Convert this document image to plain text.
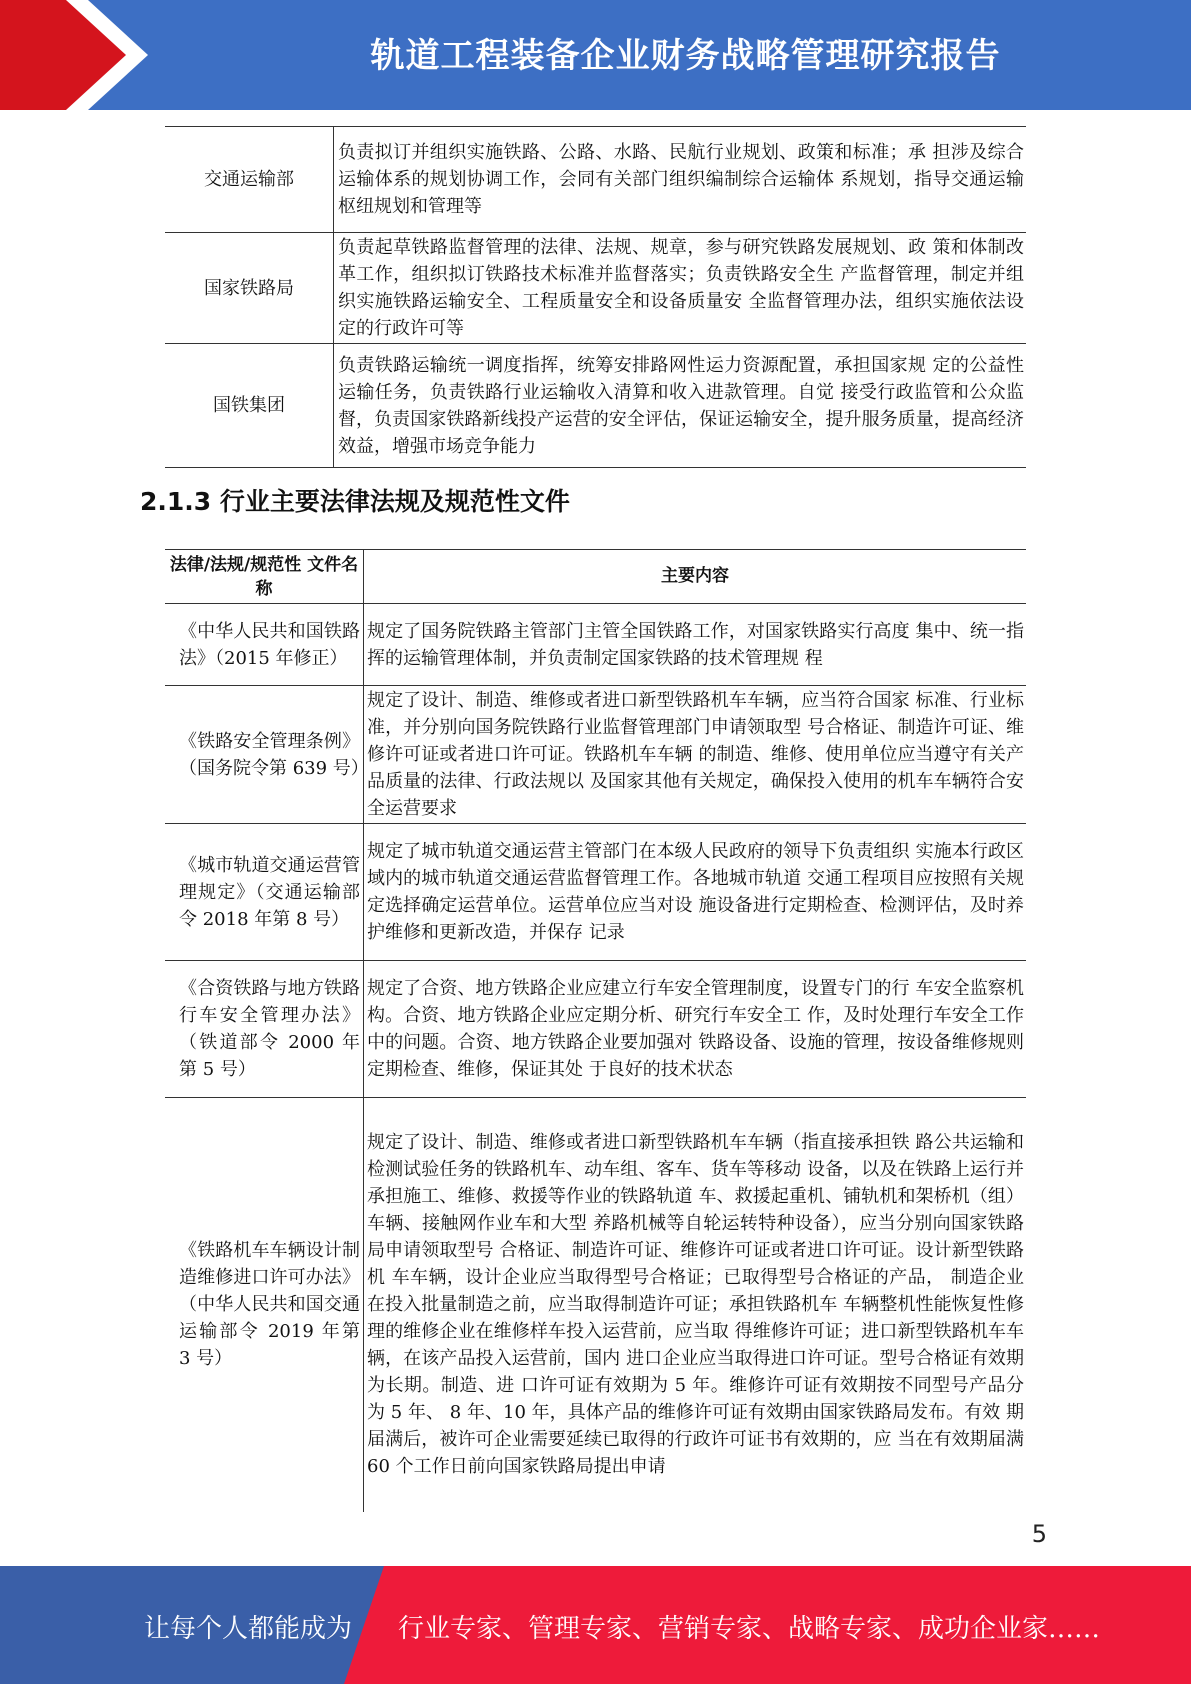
轨道工程装备企业财务战略管理研究报告
交通运输部	负责拟订并组织实施铁路、公路、水路、民航行业规划、政策和标准；承 担涉及综合运输体系的规划协调工作，会同有关部门组织编制综合运输体 系规划，指导交通运输枢纽规划和管理等
国家铁路局	负责起草铁路监督管理的法律、法规、规章，参与研究铁路发展规划、政 策和体制改革工作，组织拟订铁路技术标准并监督落实；负责铁路安全生 产监督管理，制定并组织实施铁路运输安全、工程质量安全和设备质量安 全监督管理办法，组织实施依法设定的行政许可等
国铁集团	负责铁路运输统一调度指挥，统筹安排路网性运力资源配置，承担国家规 定的公益性运输任务，负责铁路行业运输收入清算和收入进款管理。自觉 接受行政监管和公众监督，负责国家铁路新线投产运营的安全评估，保证运输安全，提升服务质量，提高经济效益，增强市场竞争能力
2.1.3 行业主要法律法规及规范性文件
法律/法规/规范性 文件名称	主要内容
《中华人民共和国铁路法》（2015 年修正）	规定了国务院铁路主管部门主管全国铁路工作，对国家铁路实行高度 集中、统一指挥的运输管理体制，并负责制定国家铁路的技术管理规 程
《铁路安全管理条例》（国务院令第 639 号）	规定了设计、制造、维修或者进口新型铁路机车车辆，应当符合国家 标准、行业标准，并分别向国务院铁路行业监督管理部门申请领取型 号合格证、制造许可证、维修许可证或者进口许可证。铁路机车车辆 的制造、维修、使用单位应当遵守有关产品质量的法律、行政法规以 及国家其他有关规定，确保投入使用的机车车辆符合安全运营要求
《城市轨道交通运营管理规定》（交通运输部令 2018 年第 8 号）	规定了城市轨道交通运营主管部门在本级人民政府的领导下负责组织 实施本行政区域内的城市轨道交通运营监督管理工作。各地城市轨道 交通工程项目应按照有关规定选择确定运营单位。运营单位应当对设 施设备进行定期检查、检测评估，及时养护维修和更新改造，并保存 记录
《合资铁路与地方铁路行车安全管理办法》（铁道部令 2000 年第 5 号）	规定了合资、地方铁路企业应建立行车安全管理制度，设置专门的行 车安全监察机构。合资、地方铁路企业应定期分析、研究行车安全工 作，及时处理行车安全工作中的问题。合资、地方铁路企业要加强对 铁路设备、设施的管理，按设备维修规则定期检查、维修，保证其处 于良好的技术状态
《铁路机车车辆设计制造维修进口许可办法》（中华人民共和国交通运输部令 2019 年第 3 号）	规定了设计、制造、维修或者进口新型铁路机车车辆（指直接承担铁 路公共运输和检测试验任务的铁路机车、动车组、客车、货车等移动 设备，以及在铁路上运行并承担施工、维修、救援等作业的铁路轨道 车、救援起重机、铺轨机和架桥机（组）车辆、接触网作业车和大型 养路机械等自轮运转特种设备），应当分别向国家铁路局申请领取型号 合格证、制造许可证、维修许可证或者进口许可证。设计新型铁路机 车车辆，设计企业应当取得型号合格证；已取得型号合格证的产品， 制造企业在投入批量制造之前，应当取得制造许可证；承担铁路机车 车辆整机性能恢复性修理的维修企业在维修样车投入运营前，应当取 得维修许可证；进口新型铁路机车车辆，在该产品投入运营前，国内 进口企业应当取得进口许可证。型号合格证有效期为长期。制造、进 口许可证有效期为 5 年。维修许可证有效期按不同型号产品分为 5 年、 8 年、10 年，具体产品的维修许可证有效期由国家铁路局发布。有效 期届满后，被许可企业需要延续已取得的行政许可证书有效期的，应 当在有效期届满 60 个工作日前向国家铁路局提出申请
5
让每个人都能成为 行业专家、管理专家、营销专家、战略专家、成功企业家……
